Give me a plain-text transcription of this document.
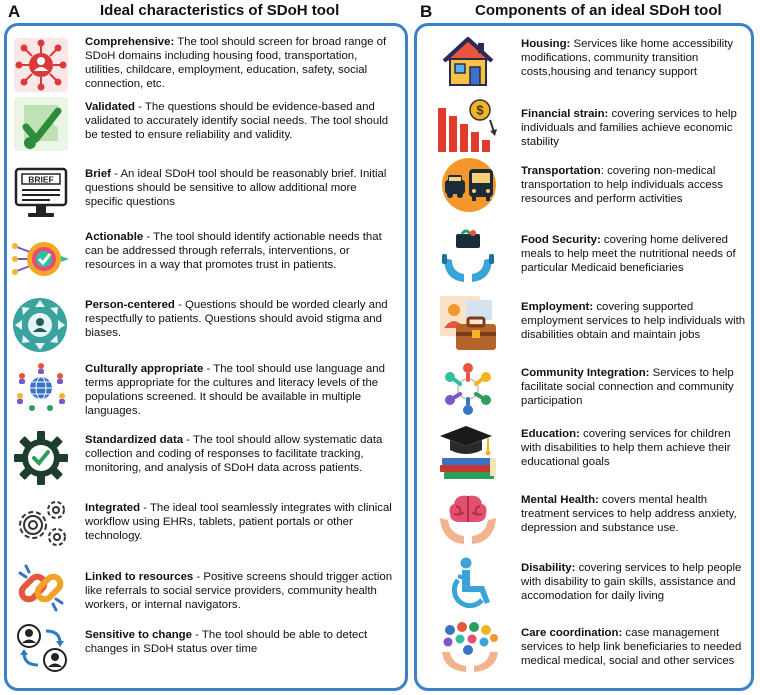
A	Ideal characteristics of SDoH tool	B	Components of an ideal SDoH tool
Comprehensive: The tool should screen for broad range of SDoH domains including housing food, transportation, utilities, childcare, employment, education, safety, social connection, etc.
Validated - The questions should be evidence-based and validated to accurately identify social needs. The tool should be tested to ensure reliability and validity.
BRIEF	Brief - An ideal SDoH tool should be reasonably brief. Initial questions should be sensitive to allow additional more specific questions
Actionable - The tool should identify actionable needs that can be addressed through referrals, interventions, or resources in a way that promotes trust in patients.
Person-centered - Questions should be worded clearly and respectfully to patients. Questions should avoid stigma and biases.
Culturally appropriate - The tool should use language and terms appropriate for the cultures and literacy levels of the populations screened. It should be available in multiple languages.
Standardized data - The tool should allow systematic data collection and coding of responses to facilitate tracking, monitoring, and analysis of SDoH data across patients.
Integrated - The ideal tool seamlessly integrates with clinical workflow using EHRs, tablets, patient portals or other technology.
Linked to resources - Positive screens should trigger action like referrals to social service providers, community health workers, or internal navigators.
Sensitive to change - The tool should be able to detect changes in SDoH status over time
Housing: Services like home accessibility modifications, community transition costs,housing and tenancy support
$	Financial strain: covering services to help individuals and families achieve economic stability
Transportation: covering non-medical transportation to help individuals access resources and perform activities
Food Security: covering home delivered meals to help meet the nutritional needs of particular Medicaid beneficiaries
Employment: covering supported employment services to help individuals with disabilities obtain and maintain jobs
Community Integration: Services to help facilitate social connection and community participation
Education: covering services for children with disabilities to help them achieve their educational goals
Mental Health: covers mental health treatment services to help address anxiety, depression and substance use.
Disability: covering services to help people with disability to gain skills, assistance and accomodation for daily living
Care coordination: case management services to help link beneficiaries to needed medical medical, social and other services
